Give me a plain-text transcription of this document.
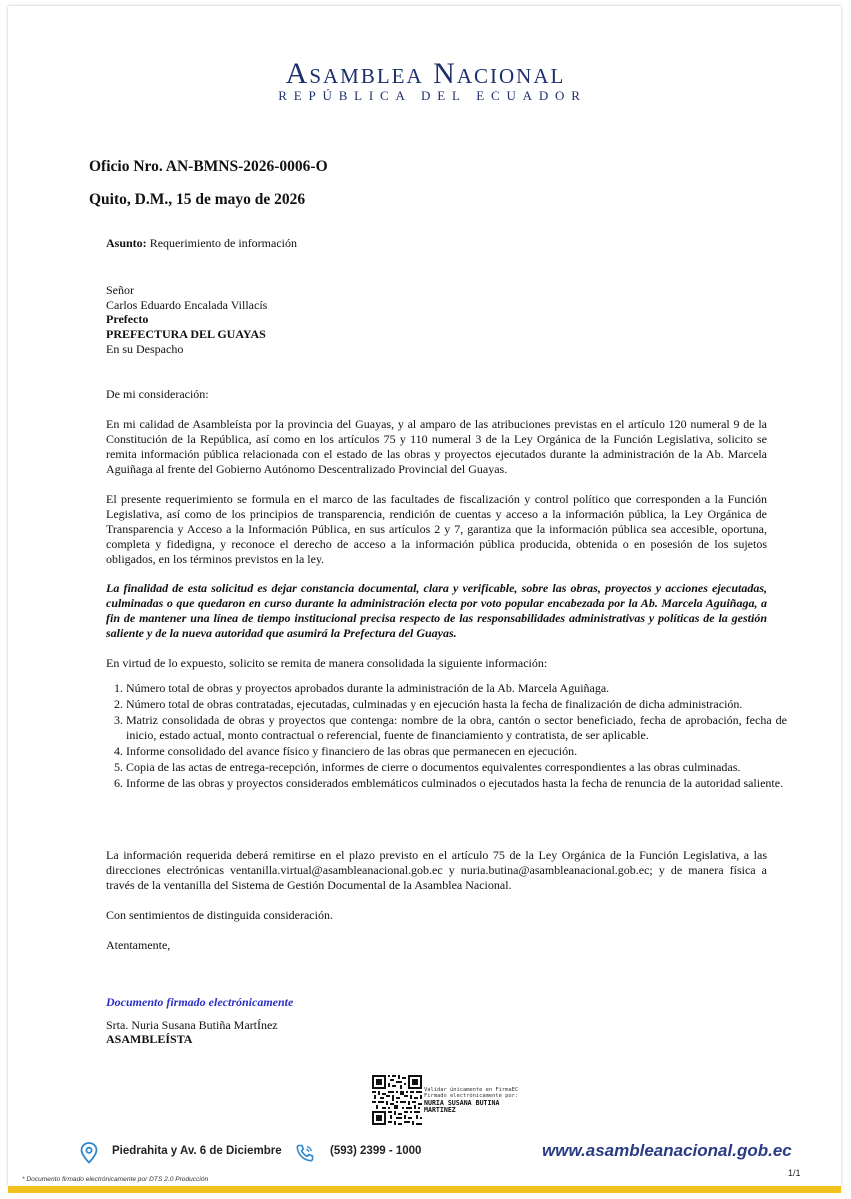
Asamblea Nacional
REPÚBLICA DEL ECUADOR
Oficio Nro. AN-BMNS-2026-0006-O
Quito, D.M., 15 de mayo de 2026
Asunto: Requerimiento de información
Señor
Carlos Eduardo Encalada Villacís
Prefecto
PREFECTURA DEL GUAYAS
En su Despacho
De mi consideración:

En mi calidad de Asambleísta por la provincia del Guayas, y al amparo de las atribuciones previstas en el artículo 120 numeral 9 de la Constitución de la República, así como en los artículos 75 y 110 numeral 3 de la Ley Orgánica de la Función Legislativa, solicito se remita información pública relacionada con el estado de las obras y proyectos ejecutados durante la administración de la Ab. Marcela Aguiñaga al frente del Gobierno Autónomo Descentralizado Provincial del Guayas.

El presente requerimiento se formula en el marco de las facultades de fiscalización y control político que corresponden a la Función Legislativa, así como de los principios de transparencia, rendición de cuentas y acceso a la información pública, la Ley Orgánica de Transparencia y Acceso a la Información Pública, en sus artículos 2 y 7, garantiza que la información pública sea accesible, oportuna, completa y fidedigna, y reconoce el derecho de acceso a la información pública producida, obtenida o en posesión de los sujetos obligados, en los términos previstos en la ley.

La finalidad de esta solicitud es dejar constancia documental, clara y verificable, sobre las obras, proyectos y acciones ejecutadas, culminadas o que quedaron en curso durante la administración electa por voto popular encabezada por la Ab. Marcela Aguiñaga, a fin de mantener una línea de tiempo institucional precisa respecto de las responsabilidades administrativas y políticas de la gestión saliente y de la nueva autoridad que asumirá la Prefectura del Guayas.

En virtud de lo expuesto, solicito se remita de manera consolidada la siguiente información:

1. Número total de obras y proyectos aprobados durante la administración de la Ab. Marcela Aguiñaga.
2. Número total de obras contratadas, ejecutadas, culminadas y en ejecución hasta la fecha de finalización de dicha administración.
3. Matriz consolidada de obras y proyectos que contenga: nombre de la obra, cantón o sector beneficiado, fecha de aprobación, fecha de inicio, estado actual, monto contractual o referencial, fuente de financiamiento y contratista, de ser aplicable.
4. Informe consolidado del avance físico y financiero de las obras que permanecen en ejecución.
5. Copia de las actas de entrega-recepción, informes de cierre o documentos equivalentes correspondientes a las obras culminadas.
6. Informe de las obras y proyectos considerados emblemáticos culminados o ejecutados hasta la fecha de renuncia de la autoridad saliente.

La información requerida deberá remitirse en el plazo previsto en el artículo 75 de la Ley Orgánica de la Función Legislativa, a las direcciones electrónicas ventanilla.virtual@asambleanacional.gob.ec y nuria.butina@asambleanacional.gob.ec; y de manera física a través de la ventanilla del Sistema de Gestión Documental de la Asamblea Nacional.

Con sentimientos de distinguida consideración.
Atentamente,
Documento firmado electrónicamente
Srta. Nuria Susana Butiña MartÍnez
ASAMBLEÍSTA
Validar únicamente en FirmaEC
Firmado electrónicamente por:
NURIA SUSANA BUTINA
MARTINEZ
Piedrahita y Av. 6 de Diciembre	(593) 2399 - 1000	www.asambleanacional.gob.ec
1/1
* Documento firmado electrónicamente por DTS 2.0 Producción
